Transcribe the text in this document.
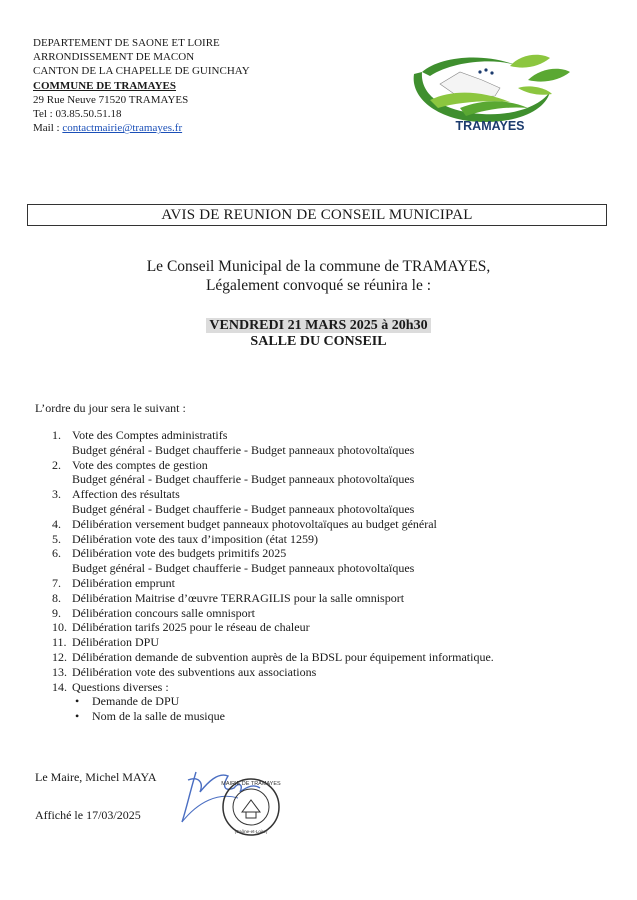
DEPARTEMENT DE SAONE ET LOIRE
ARRONDISSEMENT DE MACON
CANTON DE LA CHAPELLE DE GUINCHAY
COMMUNE DE TRAMAYES
29 Rue Neuve 71520 TRAMAYES
Tel : 03.85.50.51.18
Mail : contactmairie@tramayes.fr	TRAMAYES
AVIS DE REUNION DE CONSEIL MUNICIPAL
Le Conseil Municipal de la commune de TRAMAYES,
Légalement convoqué se réunira le :
VENDREDI 21 MARS 2025 à 20h30
SALLE DU CONSEIL
L’ordre du jour sera le suivant :
1. Vote des Comptes administratifs
Budget général - Budget chaufferie - Budget panneaux photovoltaïques
2. Vote des comptes de gestion
Budget général - Budget chaufferie - Budget panneaux photovoltaïques
3. Affection des résultats
Budget général - Budget chaufferie - Budget panneaux photovoltaïques
4. Délibération versement budget panneaux photovoltaïques au budget général
5. Délibération vote des taux d’imposition (état 1259)
6. Délibération vote des budgets primitifs 2025
Budget général - Budget chaufferie - Budget panneaux photovoltaïques
7. Délibération emprunt
8. Délibération Maitrise d’œuvre TERRAGILIS pour la salle omnisport
9. Délibération concours salle omnisport
10. Délibération tarifs 2025 pour le réseau de chaleur
11. Délibération DPU
12. Délibération demande de subvention auprès de la BDSL pour équipement informatique.
13. Délibération vote des subventions aux associations
14. Questions diverses :
• Demande de DPU
• Nom de la salle de musique
Le Maire, Michel MAYA
Affiché le 17/03/2025
MAIRIE DE TRAMAYES
(Saône-et-Loire)
